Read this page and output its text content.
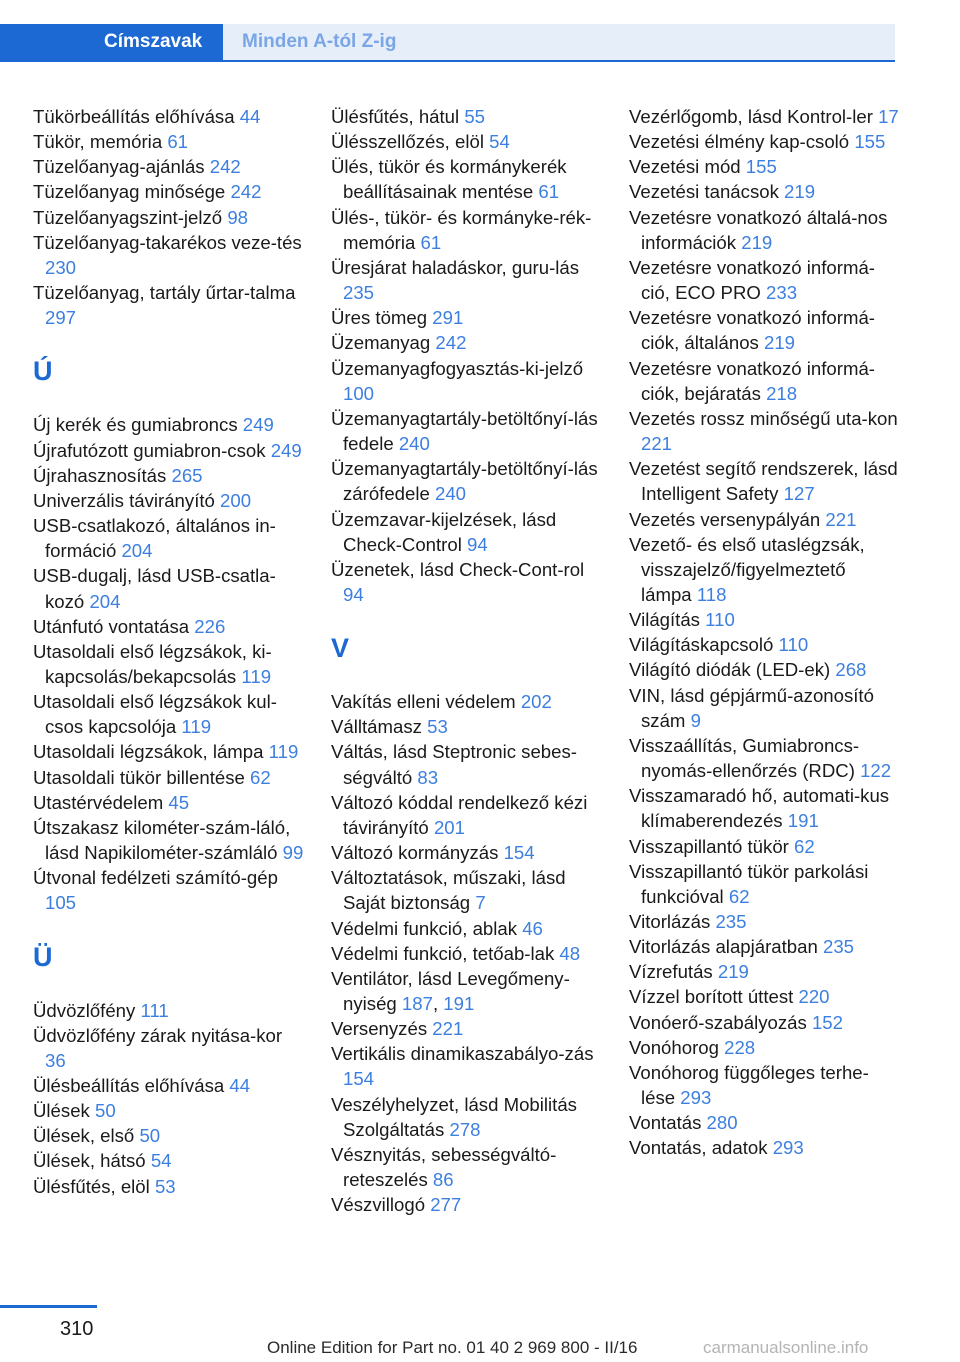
Címszavak	Minden A-tól Z-ig
Tükörbeállítás előhívása 44
Tükör, memória 61
Tüzelőanyag-ajánlás 242
Tüzelőanyag minősége 242
Tüzelőanyagszint-jelző 98
Tüzelőanyag-takarékos veze-tés 230
Tüzelőanyag, tartály űrtar-talma 297
Ú
Új kerék és gumiabroncs 249
Újrafutózott gumiabron-csok 249
Újrahasznosítás 265
Univerzális távirányító 200
USB-csatlakozó, általános in-formáció 204
USB-dugalj, lásd USB-csatla-kozó 204
Utánfutó vontatása 226
Utasoldali első légzsákok, ki-kapcsolás/bekapcsolás 119
Utasoldali első légzsákok kul-csos kapcsolója 119
Utasoldali légzsákok, lámpa 119
Utasoldali tükör billentése 62
Utastérvédelem 45
Útszakasz kilométer-szám-láló, lásd Napikilométer-számláló 99
Útvonal fedélzeti számító-gép 105
Ü
Üdvözlőfény 111
Üdvözlőfény zárak nyitása-kor 36
Ülésbeállítás előhívása 44
Ülések 50
Ülések, első 50
Ülések, hátsó 54
Ülésfűtés, elöl 53
Ülésfűtés, hátul 55
Ülésszellőzés, elöl 54
Ülés, tükör és kormánykerék beállításainak mentése 61
Ülés-, tükör- és kormányke-rék-memória 61
Üresjárat haladáskor, guru-lás 235
Üres tömeg 291
Üzemanyag 242
Üzemanyagfogyasztás-ki-jelző 100
Üzemanyagtartály-betöltőnyí-lás fedele 240
Üzemanyagtartály-betöltőnyí-lás zárófedele 240
Üzemzavar-kijelzések, lásd Check-Control 94
Üzenetek, lásd Check-Cont-rol 94
V
Vakítás elleni védelem 202
Válltámasz 53
Váltás, lásd Steptronic sebes-ségváltó 83
Változó kóddal rendelkező kézi távirányító 201
Változó kormányzás 154
Változtatások, műszaki, lásd Saját biztonság 7
Védelmi funkció, ablak 46
Védelmi funkció, tetőab-lak 48
Ventilátor, lásd Levegőmeny-nyiség 187, 191
Versenyzés 221
Vertikális dinamikaszabályo-zás 154
Veszélyhelyzet, lásd Mobilitás Szolgáltatás 278
Vésznyitás, sebességváltó-reteszelés 86
Vészvillogó 277
Vezérlőgomb, lásd Kontrol-ler 17
Vezetési élmény kap-csoló 155
Vezetési mód 155
Vezetési tanácsok 219
Vezetésre vonatkozó általá-nos információk 219
Vezetésre vonatkozó informá-ció, ECO PRO 233
Vezetésre vonatkozó informá-ciók, általános 219
Vezetésre vonatkozó informá-ciók, bejáratás 218
Vezetés rossz minőségű uta-kon 221
Vezetést segítő rendszerek, lásd Intelligent Safety 127
Vezetés versenypályán 221
Vezető- és első utaslégzsák, visszajelző/figyelmeztető lámpa 118
Világítás 110
Világításkapcsoló 110
Világító diódák (LED-ek) 268
VIN, lásd gépjármű-azonosító szám 9
Visszaállítás, Gumiabroncs-nyomás-ellenőrzés (RDC) 122
Visszamaradó hő, automati-kus klímaberendezés 191
Visszapillantó tükör 62
Visszapillantó tükör parkolási funkcióval 62
Vitorlázás 235
Vitorlázás alapjáratban 235
Vízrefutás 219
Vízzel borított úttest 220
Vonóerő-szabályozás 152
Vonóhorog 228
Vonóhorog függőleges terhe-lése 293
Vontatás 280
Vontatás, adatok 293
310
Online Edition for Part no. 01 40 2 969 800 - II/16	carmanualsonline.info
